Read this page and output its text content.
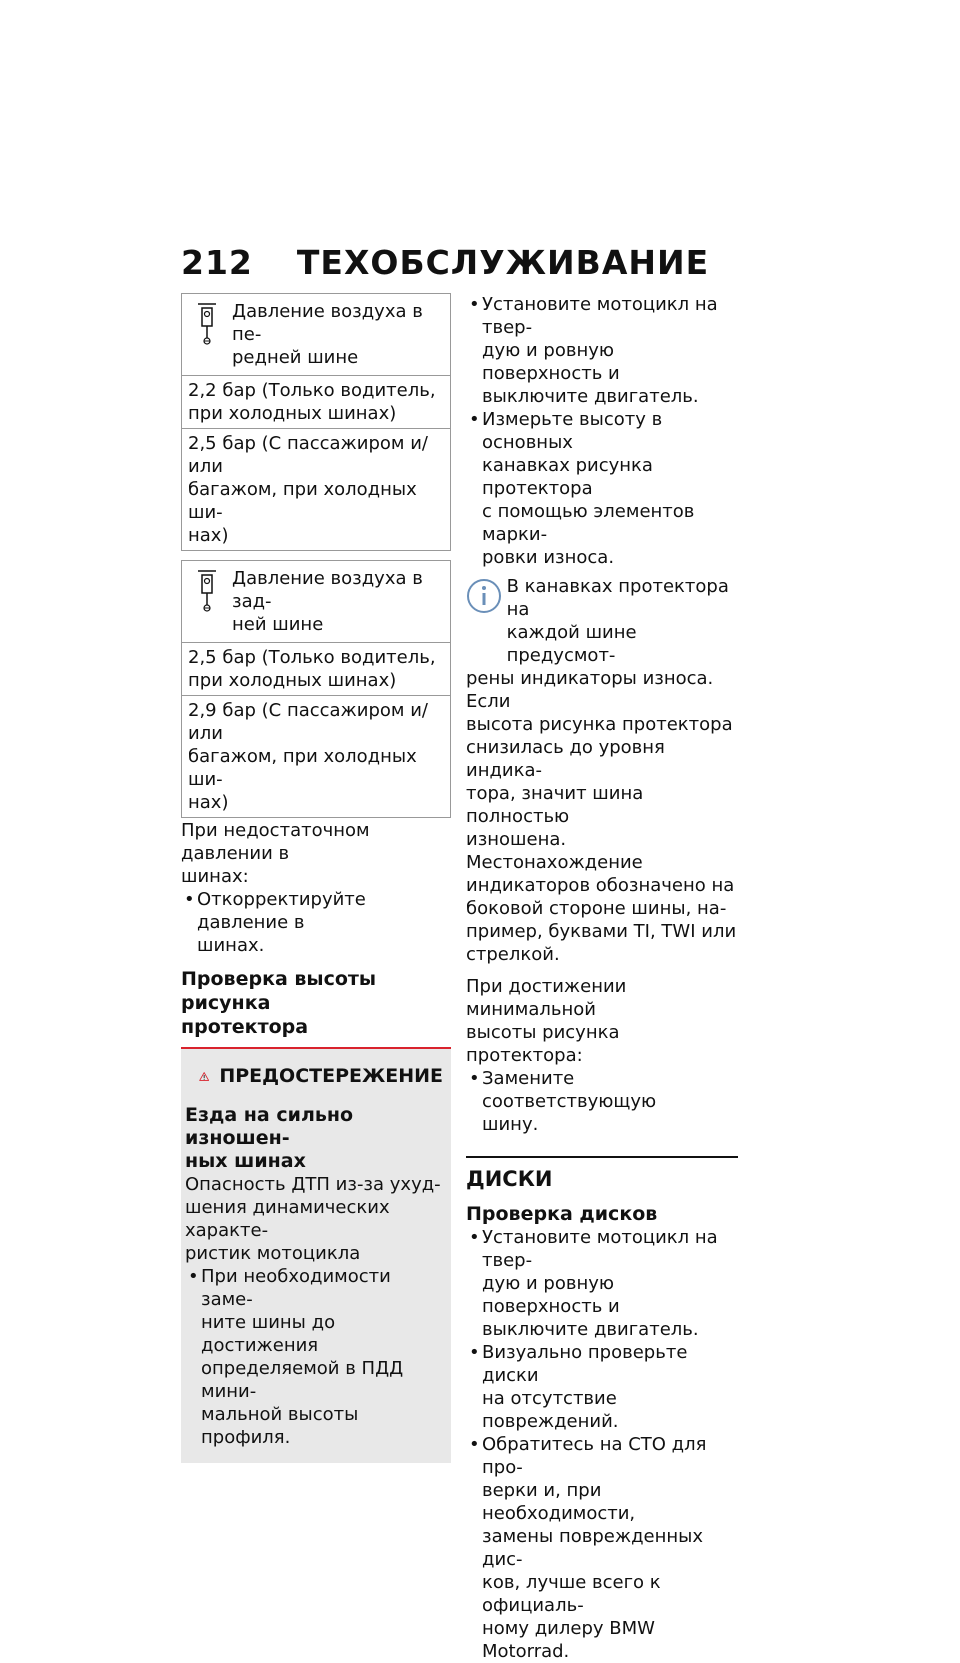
212 ТЕХОБСЛУЖИВАНИЕ
Давление воздуха в пе-
редней шине
2,2 бар (Только водитель,
при холодных шинах)
2,5 бар (С пассажиром и/или
багажом, при холодных ши-
нах)
Давление воздуха в зад-
ней шине
2,5 бар (Только водитель,
при холодных шинах)
2,9 бар (С пассажиром и/или
багажом, при холодных ши-
нах)

При недостаточном давлении в
шинах:

• Откорректируйте давление в
шинах.

Проверка высоты рисунка
протектора

ПРЕДОСТЕРЕЖЕНИЕ

Езда на сильно изношен-
ных шинах

Опасность ДТП из-за ухуд-
шения динамических характе-
ристик мотоцикла

• При необходимости заме-
ните шины до достижения
определяемой в ПДД мини-
мальной высоты профиля.

• Установите мотоцикл на твер-
дую и ровную поверхность и
выключите двигатель.

• Измерьте высоту в основных
канавках рисунка протектора
с помощью элементов марки-
ровки износа.

В канавках протектора на
каждой шине предусмот-

рены индикаторы износа. Если
высота рисунка протектора
снизилась до уровня индика-
тора, значит шина полностью
изношена. Местонахождение
индикаторов обозначено на
боковой стороне шины, на-
пример, буквами TI, TWI или
стрелкой.

При достижении минимальной
высоты рисунка протектора:

• Замените соответствующую
шину.

ДИСКИ

Проверка дисков

• Установите мотоцикл на твер-
дую и ровную поверхность и
выключите двигатель.

• Визуально проверьте диски
на отсутствие повреждений.

• Обратитесь на СТО для про-
верки и, при необходимости,
замены поврежденных дис-
ков, лучше всего к официаль-
ному дилеру BMW Motorrad.
